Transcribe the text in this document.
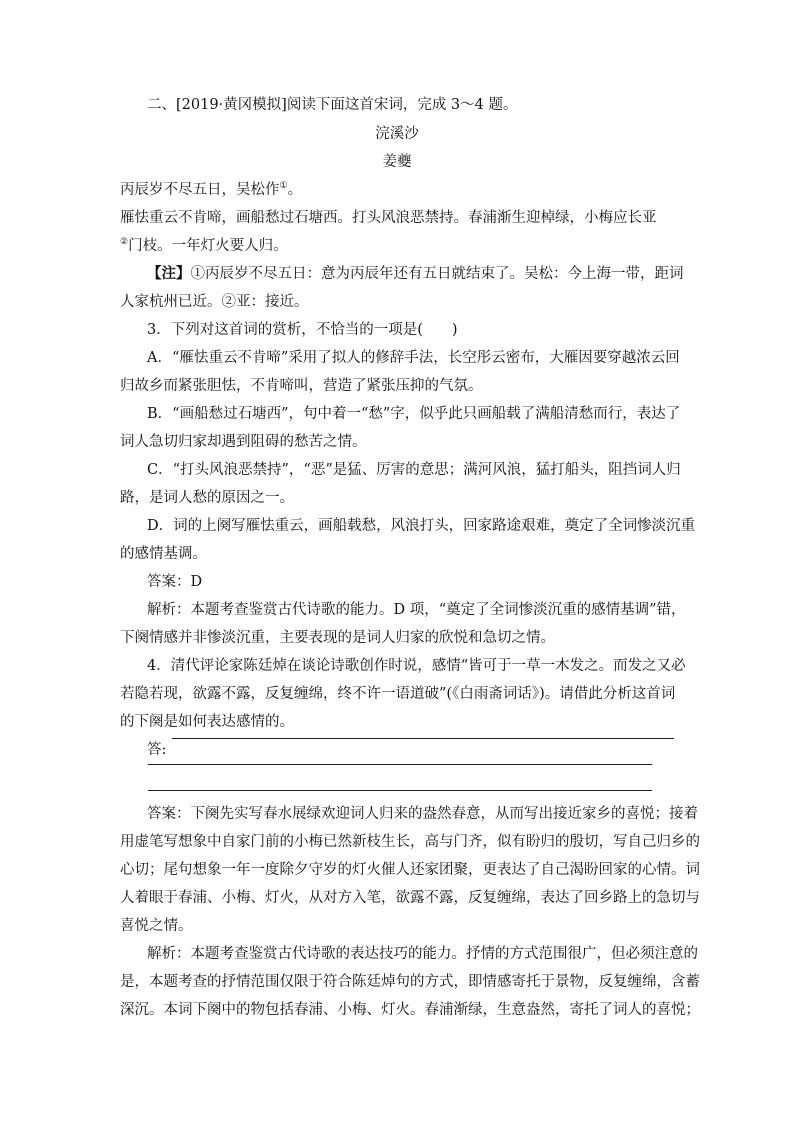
二、[2019·黄冈模拟]阅读下面这首宋词，完成 3～4 题。
浣溪沙
姜夔
丙辰岁不尽五日，吴松作①。
雁怯重云不肯啼，画船愁过石塘西。打头风浪恶禁持。春浦渐生迎棹绿，小梅应长亚
②门枝。一年灯火要人归。
【注】①丙辰岁不尽五日：意为丙辰年还有五日就结束了。吴松：今上海一带，距词
人家杭州已近。②亚：接近。
3．下列对这首词的赏析，不恰当的一项是(　　)
A．“雁怯重云不肯啼”采用了拟人的修辞手法，长空彤云密布，大雁因要穿越浓云回
归故乡而紧张胆怯，不肯啼叫，营造了紧张压抑的气氛。
B．“画船愁过石塘西”，句中着一“愁”字，似乎此只画船载了满船清愁而行，表达了
词人急切归家却遇到阻碍的愁苦之情。
C．“打头风浪恶禁持”，“恶”是猛、厉害的意思；满河风浪，猛打船头，阻挡词人归
路，是词人愁的原因之一。
D．词的上阕写雁怯重云，画船载愁，风浪打头，回家路途艰难，奠定了全词惨淡沉重
的感情基调。
答案：D
解析：本题考查鉴赏古代诗歌的能力。D 项，“奠定了全词惨淡沉重的感情基调”错，
下阕情感并非惨淡沉重，主要表现的是词人归家的欣悦和急切之情。
4．清代评论家陈廷焯在谈论诗歌创作时说，感情“皆可于一草一木发之。而发之又必
若隐若现，欲露不露，反复缠绵，终不许一语道破”(《白雨斋词话》)。请借此分析这首词
的下阕是如何表达感情的。
答:
答案：下阕先实写春水展绿欢迎词人归来的盎然春意，从而写出接近家乡的喜悦；接着
用虚笔写想象中自家门前的小梅已然新枝生长，高与门齐，似有盼归的殷切，写自己归乡的
心切；尾句想象一年一度除夕守岁的灯火催人还家团聚，更表达了自己渴盼回家的心情。词
人着眼于春浦、小梅、灯火，从对方入笔，欲露不露，反复缠绵，表达了回乡路上的急切与
喜悦之情。
解析：本题考查鉴赏古代诗歌的表达技巧的能力。抒情的方式范围很广，但必须注意的
是，本题考查的抒情范围仅限于符合陈廷焯句的方式，即情感寄托于景物，反复缠绵，含蓄
深沉。本词下阕中的物包括春浦、小梅、灯火。春浦渐绿，生意盎然，寄托了词人的喜悦；
